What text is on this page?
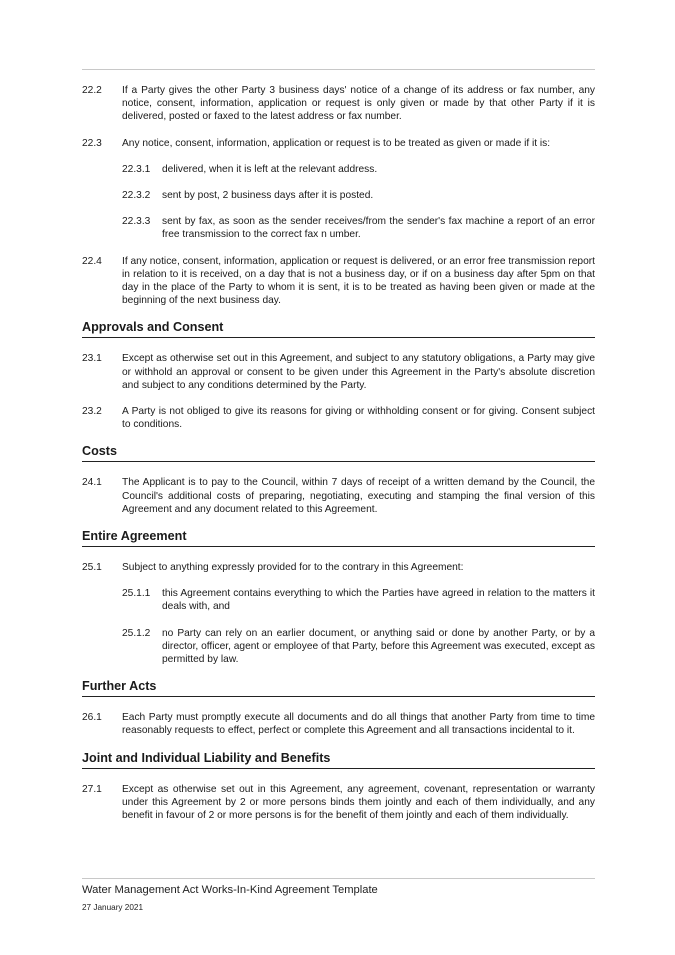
22.2	If a Party gives the other Party 3 business days' notice of a change of its address or fax number, any notice, consent, information, application or request is only given or made by that other Party if it is delivered, posted or faxed to the latest address or fax number.
22.3	Any notice, consent, information, application or request is to be treated as given or made if it is:
22.3.1	delivered, when it is left at the relevant address.
22.3.2	sent by post, 2 business days after it is posted.
22.3.3	sent by fax, as soon as the sender receives/from the sender's fax machine a report of an error free transmission to the correct fax n umber.
22.4	If any notice, consent, information, application or request is delivered, or an error free transmission report in relation to it is received, on a day that is not a business day, or if on a business day after 5pm on that day in the place of the Party to whom it is sent, it is to be treated as having been given or made at the beginning of the next business day.
Approvals and Consent
23.1	Except as otherwise set out in this Agreement, and subject to any statutory obligations, a Party may give or withhold an approval or consent to be given under this Agreement in the Party's absolute discretion and subject to any conditions determined by the Party.
23.2	A Party is not obliged to give its reasons for giving or withholding consent or for giving. Consent subject to conditions.
Costs
24.1	The Applicant is to pay to the Council, within 7 days of receipt of a written demand by the Council, the Council's additional costs of preparing, negotiating, executing and stamping the final version of this Agreement and any document related to this Agreement.
Entire Agreement
25.1	Subject to anything expressly provided for to the contrary in this Agreement:
25.1.1	this Agreement contains everything to which the Parties have agreed in relation to the matters it deals with, and
25.1.2	no Party can rely on an earlier document, or anything said or done by another Party, or by a director, officer, agent or employee of that Party, before this Agreement was executed, except as permitted by law.
Further Acts
26.1	Each Party must promptly execute all documents and do all things that another Party from time to time reasonably requests to effect, perfect or complete this Agreement and all transactions incidental to it.
Joint and Individual Liability and Benefits
27.1	Except as otherwise set out in this Agreement, any agreement, covenant, representation or warranty under this Agreement by 2 or more persons binds them jointly and each of them individually, and any benefit in favour of 2 or more persons is for the benefit of them jointly and each of them individually.
Water Management Act Works-In-Kind Agreement Template
27 January 2021
